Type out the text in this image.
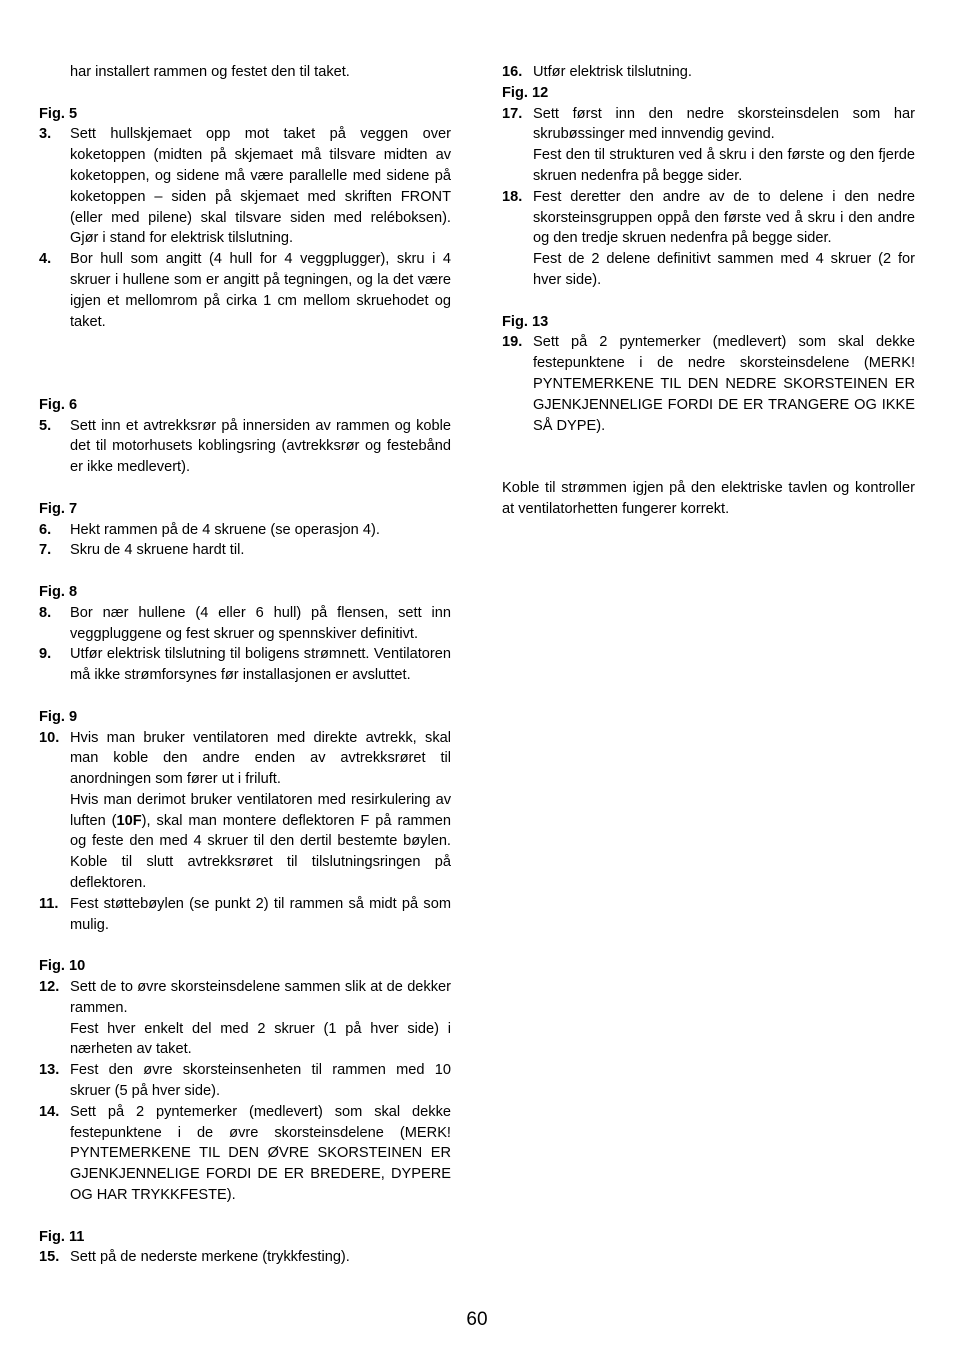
har installert rammen og festet den til taket.
Fig. 5
3.	Sett hullskjemaet opp mot taket på veggen over koketoppen (midten på skjemaet må tilsvare midten av koketoppen, og sidene må være parallelle med sidene på koketoppen – siden på skjemaet med skriften FRONT (eller med pilene) skal tilsvare siden med reléboksen). Gjør i stand for elektrisk tilslutning.

4.	Bor hull som angitt (4 hull for 4 veggplugger), skru i 4 skruer i hullene som er angitt på tegningen, og la det være igjen et mellomrom på cirka 1 cm mellom skruehodet og taket.

Fig. 6
5.	Sett inn et avtrekksrør på innersiden av rammen og koble det til motorhusets koblingsring (avtrekksrør og festebånd er ikke medlevert).

Fig. 7
6.	Hekt rammen på de 4 skruene (se operasjon 4).

7.	Skru de 4 skruene hardt til.

Fig. 8
8.	Bor nær hullene (4 eller 6 hull) på flensen, sett inn veggpluggene og fest skruer og spennskiver definitivt.

9.	Utfør elektrisk tilslutning til boligens strømnett. Ventilatoren må ikke strømforsynes før installasjonen er avsluttet.

Fig. 9
10. Hvis man bruker ventilatoren med direkte avtrekk, skal man koble den andre enden av avtrekksrøret til anordningen som fører ut i friluft.

Hvis man derimot bruker ventilatoren med resirkulering av luften (10F), skal man montere deflektoren F på rammen og feste den med 4 skruer til den dertil bestemte bøylen. Koble til slutt avtrekksrøret til tilslutningsringen på deflektoren.

11. Fest støttebøylen (se punkt 2) til rammen så midt på som mulig.

Fig. 10
12. Sett de to øvre skorsteinsdelene sammen slik at de dekker rammen.

Fest hver enkelt del med 2 skruer (1 på hver side) i nærheten av taket.

13. Fest den øvre skorsteinsenheten til rammen med 10 skruer (5 på hver side).

14. Sett på 2 pyntemerker (medlevert) som skal dekke festepunktene i de øvre skorsteinsdelene (MERK! PYNTEMERKENE TIL DEN ØVRE SKORSTEINEN ER GJENKJENNELIGE FORDI DE ER BREDERE, DYPERE OG HAR TRYKKFESTE).

Fig. 11
15. Sett på de nederste merkene (trykkfesting).

16. Utfør elektrisk tilslutning.

Fig. 12
17. Sett først inn den nedre skorsteinsdelen som har skrubøssinger med innvendig gevind.

Fest den til strukturen ved å skru i den første og den fjerde skruen nedenfra på begge sider.

18. Fest deretter den andre av de to delene i den nedre skorsteinsgruppen oppå den første ved å skru i den andre og den tredje skruen nedenfra på begge sider.

Fest de 2 delene definitivt sammen med 4 skruer (2 for hver side).

Fig. 13
19. Sett på 2 pyntemerker (medlevert) som skal dekke festepunktene i de nedre skorsteinsdelene (MERK! PYNTEMERKENE TIL DEN NEDRE SKORSTEINEN ER GJENKJENNELIGE FORDI DE ER TRANGERE OG IKKE SÅ DYPE).

Koble til strømmen igjen på den elektriske tavlen og kontroller at ventilatorhetten fungerer korrekt.
60
